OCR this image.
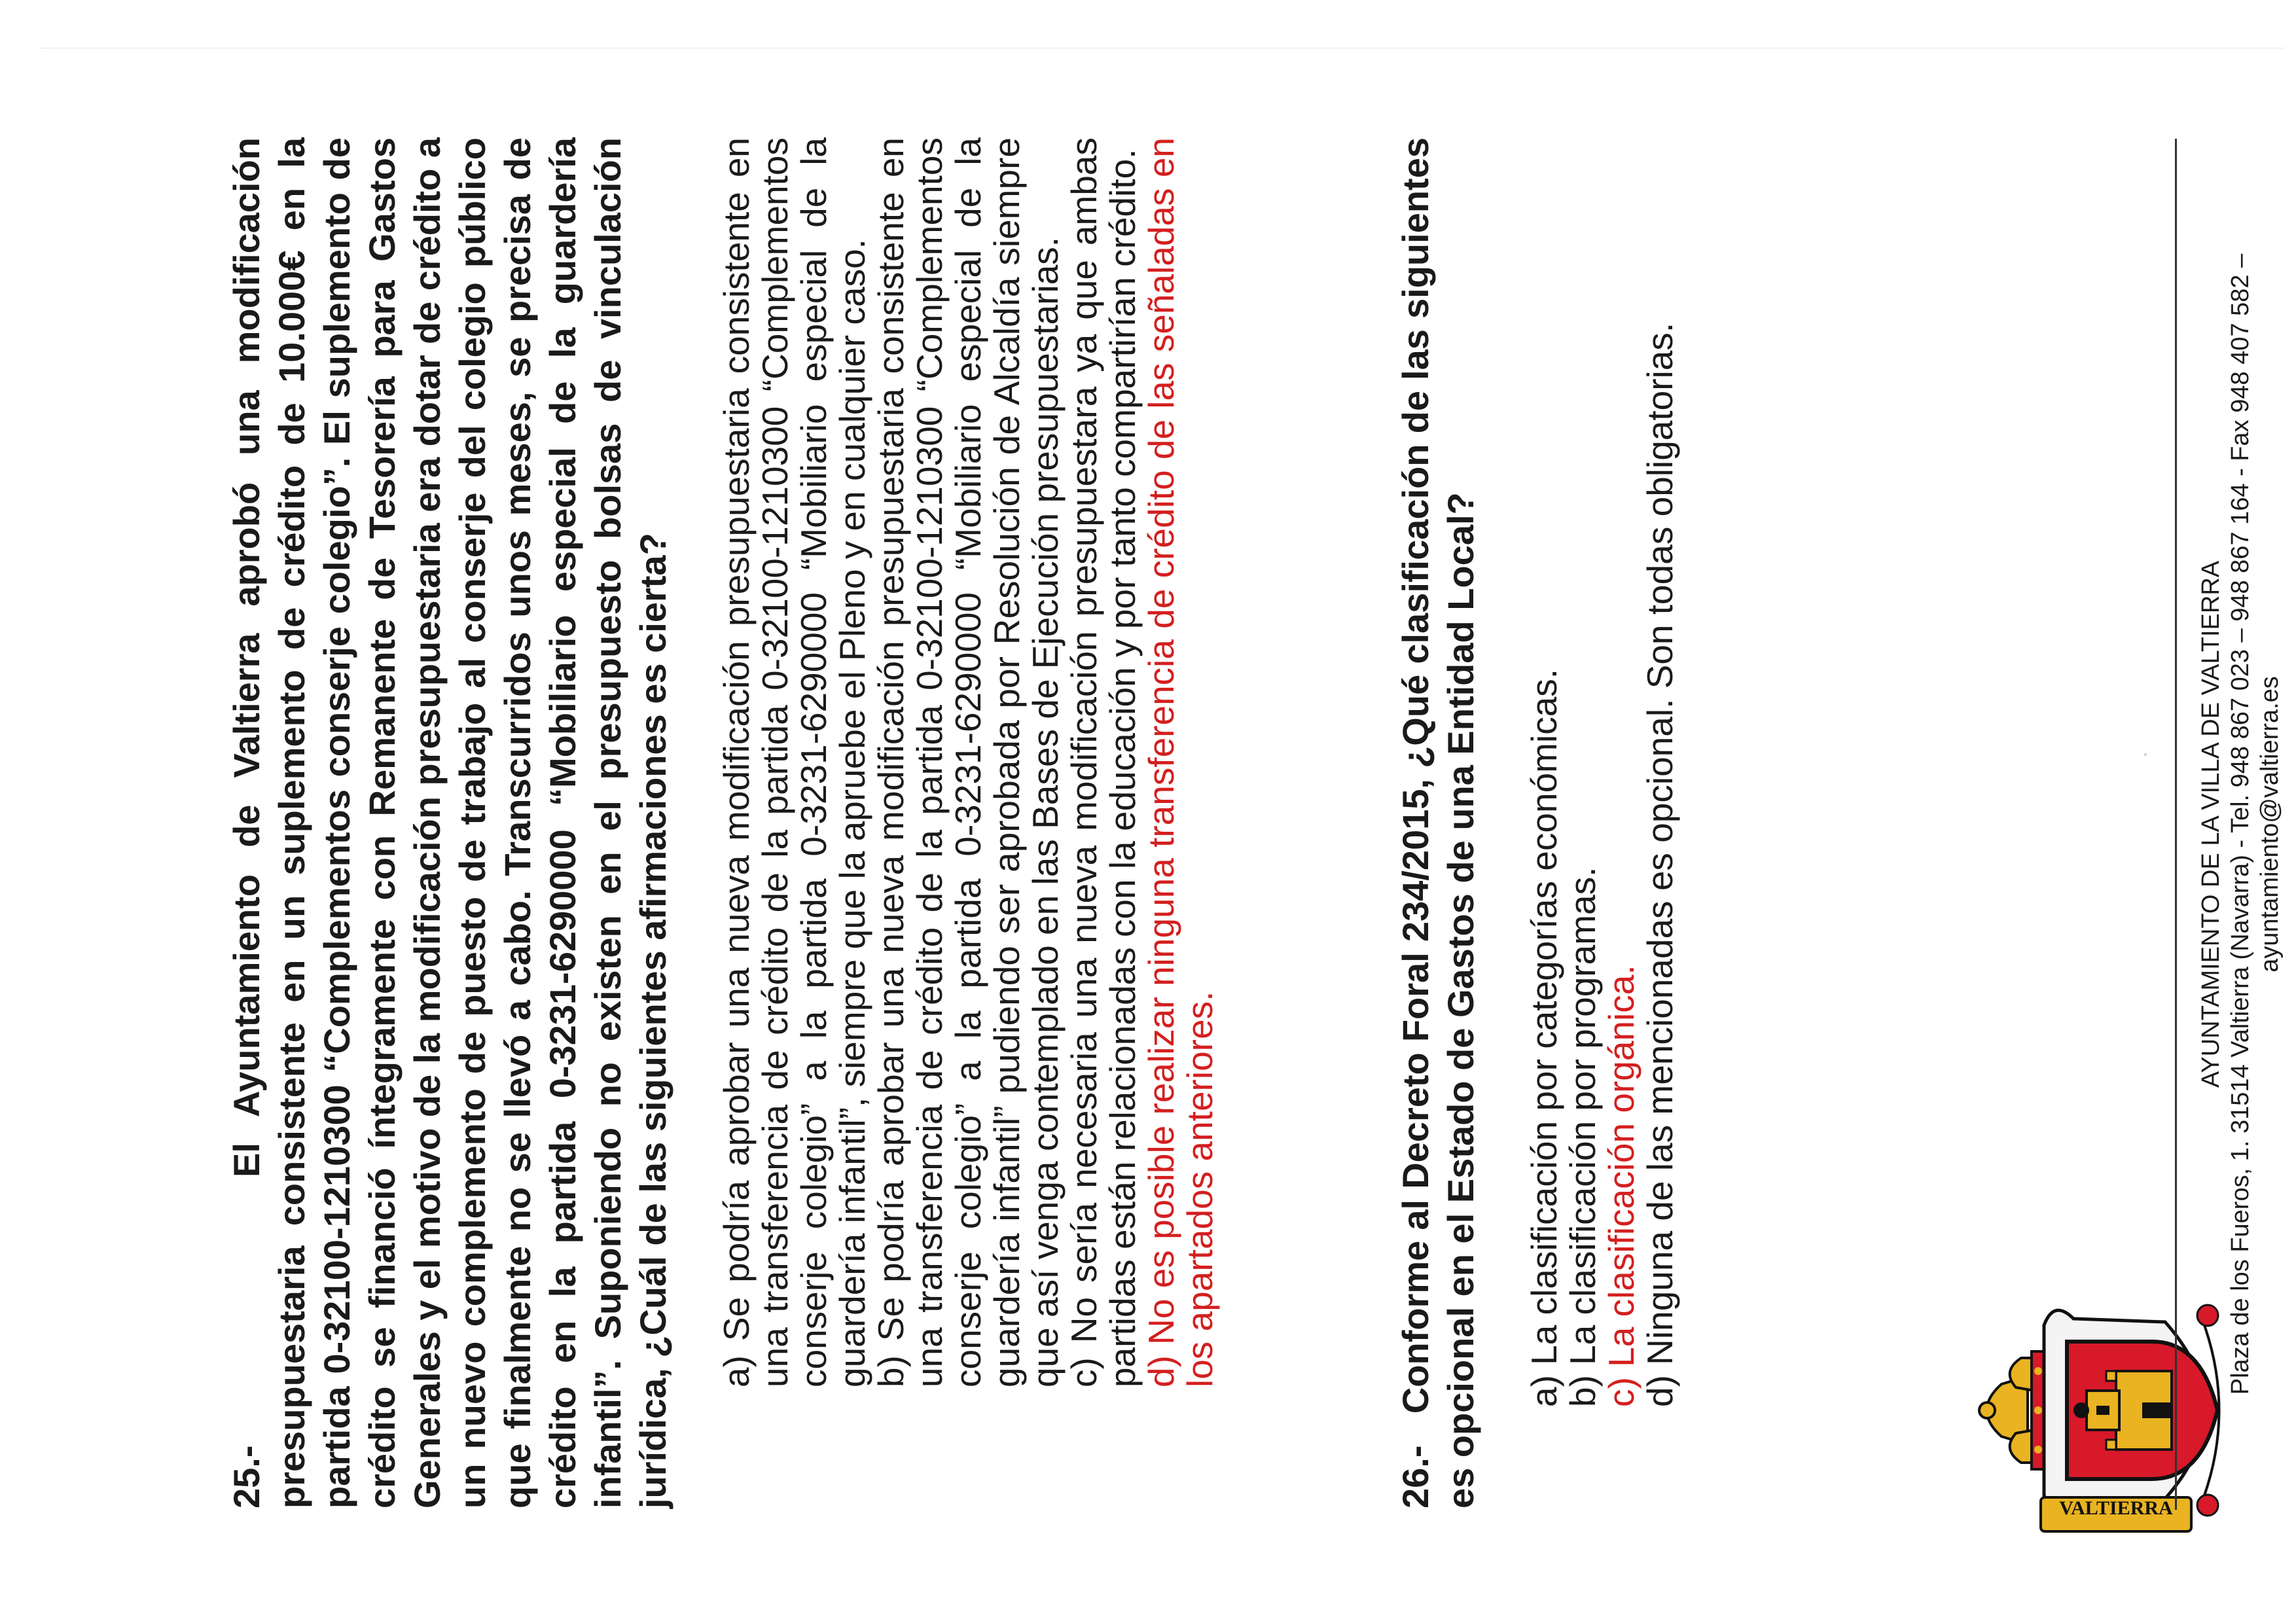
VALTIERRA

25.-          El Ayuntamiento de Valtierra aprobó una modificación presupuestaria consistente en un suplemento de crédito de 10.000€ en la partida 0-32100-1210300 “Complementos conserje colegio”. El suplemento de crédito se financió íntegramente con Remanente de Tesorería para Gastos Generales y el motivo de la modificación presupuestaria era dotar de crédito a un nuevo complemento de puesto de trabajo al conserje del colegio público que finalmente no se llevó a cabo. Transcurridos unos meses, se precisa de crédito en la partida 0-3231-6290000 “Mobiliario especial de la guardería infantil”. Suponiendo no existen en el presupuesto bolsas de vinculación jurídica, ¿Cuál de las siguientes afirmaciones es cierta? a) Se podría aprobar una nueva modificación presupuestaria consistente en una transferencia de crédito de la partida 0-32100-1210300 “Complementos conserje colegio” a la partida 0-3231-6290000 “Mobiliario especial de la guardería infantil”, siempre que la apruebe el Pleno y en cualquier caso.

b) Se podría aprobar una nueva modificación presupuestaria consistente en una transferencia de crédito de la partida 0-32100-1210300 “Complementos conserje colegio” a la partida 0-3231-6290000 “Mobiliario especial de la guardería infantil” pudiendo ser aprobada por Resolución de Alcaldía siempre que así venga contemplado en las Bases de Ejecución presupuestarias.

c) No sería necesaria una nueva modificación presupuestara ya que ambas partidas están relacionadas con la educación y por tanto compartirían crédito.

d) No es posible realizar ninguna transferencia de crédito de las señaladas en los apartados anteriores.

26.-   Conforme al Decreto Foral 234/2015, ¿Qué clasificación de las siguientes es opcional en el Estado de Gastos de una Entidad Local? a) La clasificación por categorías económicas.

b) La clasificación por programas.

c) La clasificación orgánica.

d) Ninguna de las mencionadas es opcional. Son todas obligatorias.	AYUNTAMIENTO DE LA VILLA DE VALTIERRA Plaza de los Fueros, 1. 31514 Valtierra (Navarra) - Tel. 948 867 023 – 948 867 164 - Fax 948 407 582 – ayuntamiento@valtierra.es
